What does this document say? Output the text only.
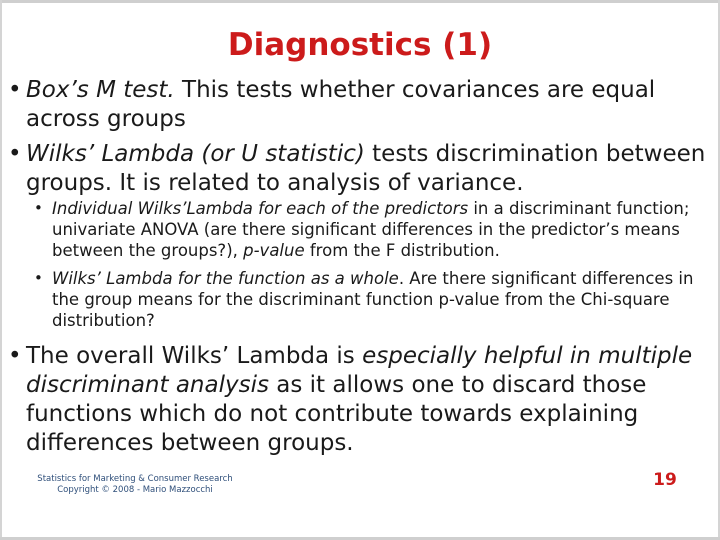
Diagnostics (1)
• Box’s M test. This tests whether covariances are equal across groups
• Wilks’ Lambda (or U statistic) tests discrimination between groups. It is related to analysis of variance.
• Individual Wilks’Lambda for each of the predictors in a discriminant function; univariate ANOVA (are there significant differences in the predictor’s means between the groups?), p-value from the F distribution.
• Wilks’ Lambda for the function as a whole. Are there significant differences in the group means for the discriminant function p-value from the Chi-square distribution?
• The overall Wilks’ Lambda is especially helpful in multiple discriminant analysis as it allows one to discard those functions which do not contribute towards explaining differences between groups.
Statistics for Marketing & Consumer Research
Copyright © 2008 - Mario Mazzocchi	19
